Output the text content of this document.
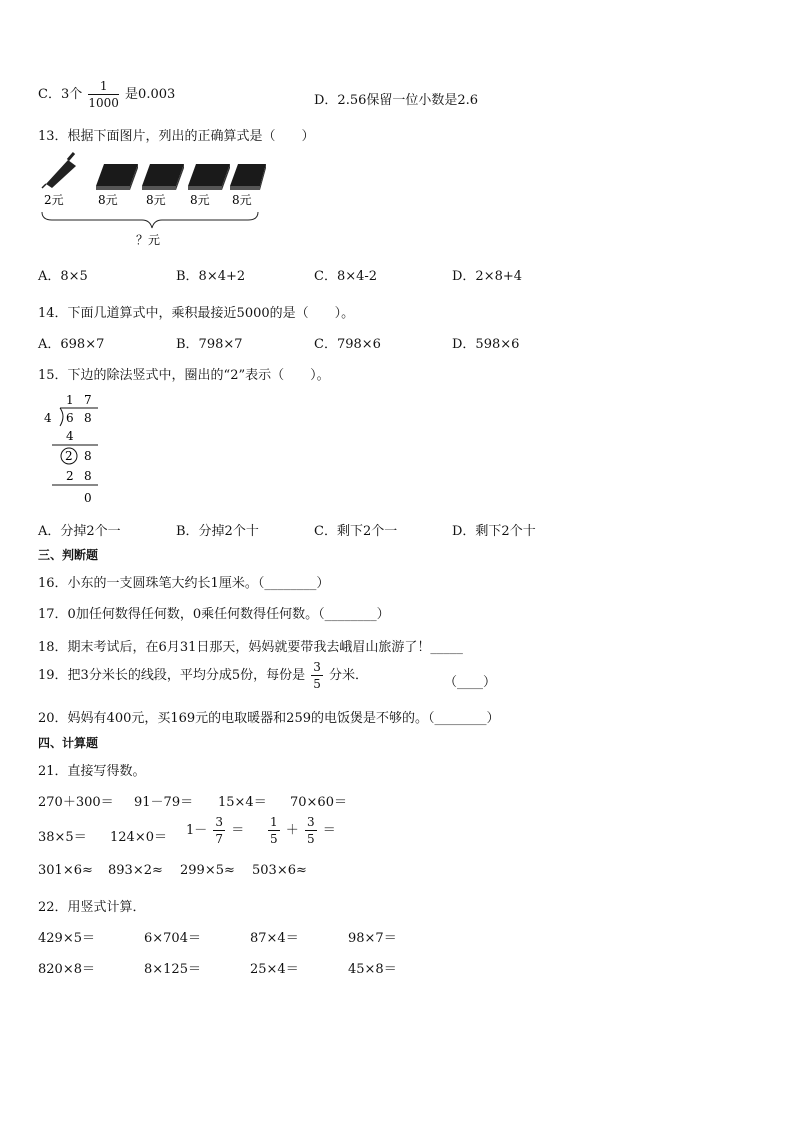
C．3个 $\frac{1}{1000}$ 是0.003	D．2.56保留一位小数是2.6
13．根据下面图片，列出的正确算式是（　　）
2元	8元 8元 8元 8元
？元
A．8×5	B．8×4+2	C．8×4-2	D．2×8+4
14．下面几道算式中，乘积最接近5000的是（　　）。
A．698×7	B．798×7	C．798×6	D．598×6
15．下边的除法竖式中，圈出的“2”表示（　　）。
1 7
4 6 8
4
2 8
2 8
0
A．分掉2个一	B．分掉2个十	C．剩下2个一	D．剩下2个十
三、判断题
16．小东的一支圆珠笔大约长1厘米。（________）
17．0加任何数得任何数，0乘任何数得任何数。（________）
18．期末考试后，在6月31日那天，妈妈就要带我去峨眉山旅游了！_____
19．把3分米长的线段，平均分成5份，每份是 $\frac{3}{5}$ 分米．	（____）
20．妈妈有400元，买169元的电取暖器和259的电饭煲是不够的。（________）
四、计算题
21．直接写得数。
270＋300＝ 91－79＝ 15×4＝ 70×60＝
$38\times 5= 124\times 0= 1- \frac{3}{7} = \frac{1}{5} + \frac{3}{5}$ ＝
301×6≈ 893×2≈ 299×5≈ 503×6≈
22．用竖式计算．
429×5＝	6×704＝	87×4＝	98×7＝
820×8＝	8×125＝	25×4＝	45×8＝
